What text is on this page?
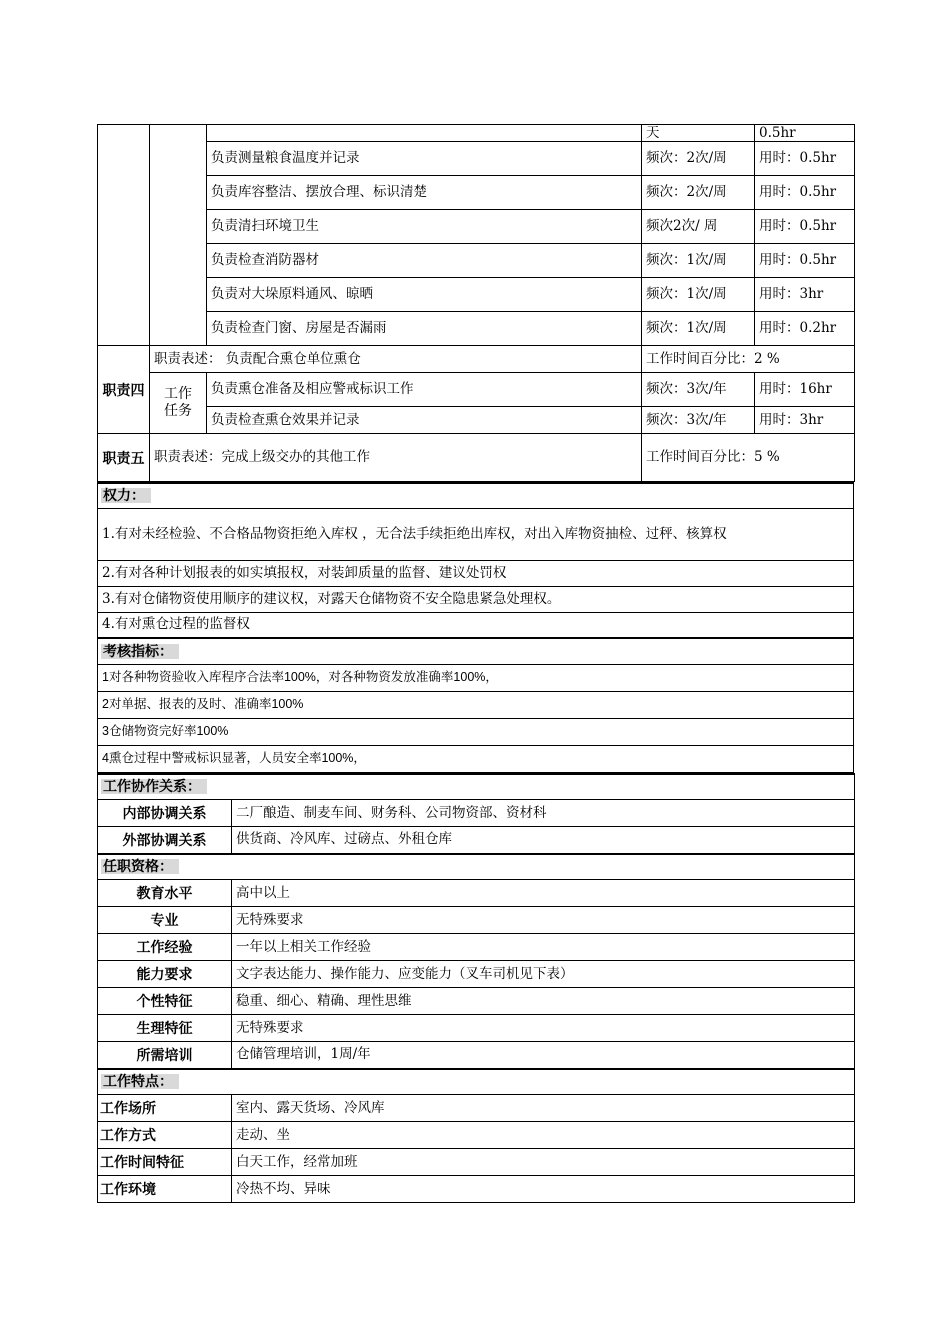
			天	0.5hr
		负责测量粮食温度并记录	频次：2次/周	用时：0.5hr
		负责库容整洁、摆放合理、标识清楚	频次：2次/周	用时：0.5hr
		负责清扫环境卫生	频次2次/ 周	用时：0.5hr
		负责检查消防器材	频次：1次/周	用时：0.5hr
		负责对大垛原料通风、晾晒	频次：1次/周	用时：3hr
		负责检查门窗、房屋是否漏雨	频次：1次/周	用时：0.2hr
职责四	职责表述： 负责配合熏仓单位熏仓		工作时间百分比：2 %	
	工作任务	负责熏仓准备及相应警戒标识工作	频次：3次/年	用时：16hr
		负责检查熏仓效果并记录	频次：3次/年	用时：3hr
职责五	职责表述：完成上级交办的其他工作		工作时间百分比：5 %	
权力：
1.有对未经检验、不合格品物资拒绝入库权 ，无合法手续拒绝出库权，对出入库物资抽检、过秤、核算权
2.有对各种计划报表的如实填报权，对装卸质量的监督、建议处罚权
3.有对仓储物资使用顺序的建议权，对露天仓储物资不安全隐患紧急处理权。
4.有对熏仓过程的监督权
考核指标：
1对各种物资验收入库程序合法率100%，对各种物资发放准确率100%，
2对单据、报表的及时、准确率100%
3仓储物资完好率100%
4熏仓过程中警戒标识显著，人员安全率100%，
工作协作关系：	
内部协调关系	二厂酿造、制麦车间、财务科、公司物资部、资材科
外部协调关系	供货商、冷风库、过磅点、外租仓库
任职资格：	
教育水平	高中以上
专业	无特殊要求
工作经验	一年以上相关工作经验
能力要求	文字表达能力、操作能力、应变能力（叉车司机见下表）
个性特征	稳重、细心、精确、理性思维
生理特征	无特殊要求
所需培训	仓储管理培训，1周/年
工作特点：	
工作场所	室内、露天货场、冷风库
工作方式	走动、坐
工作时间特征	白天工作，经常加班
工作环境	冷热不均、异味
